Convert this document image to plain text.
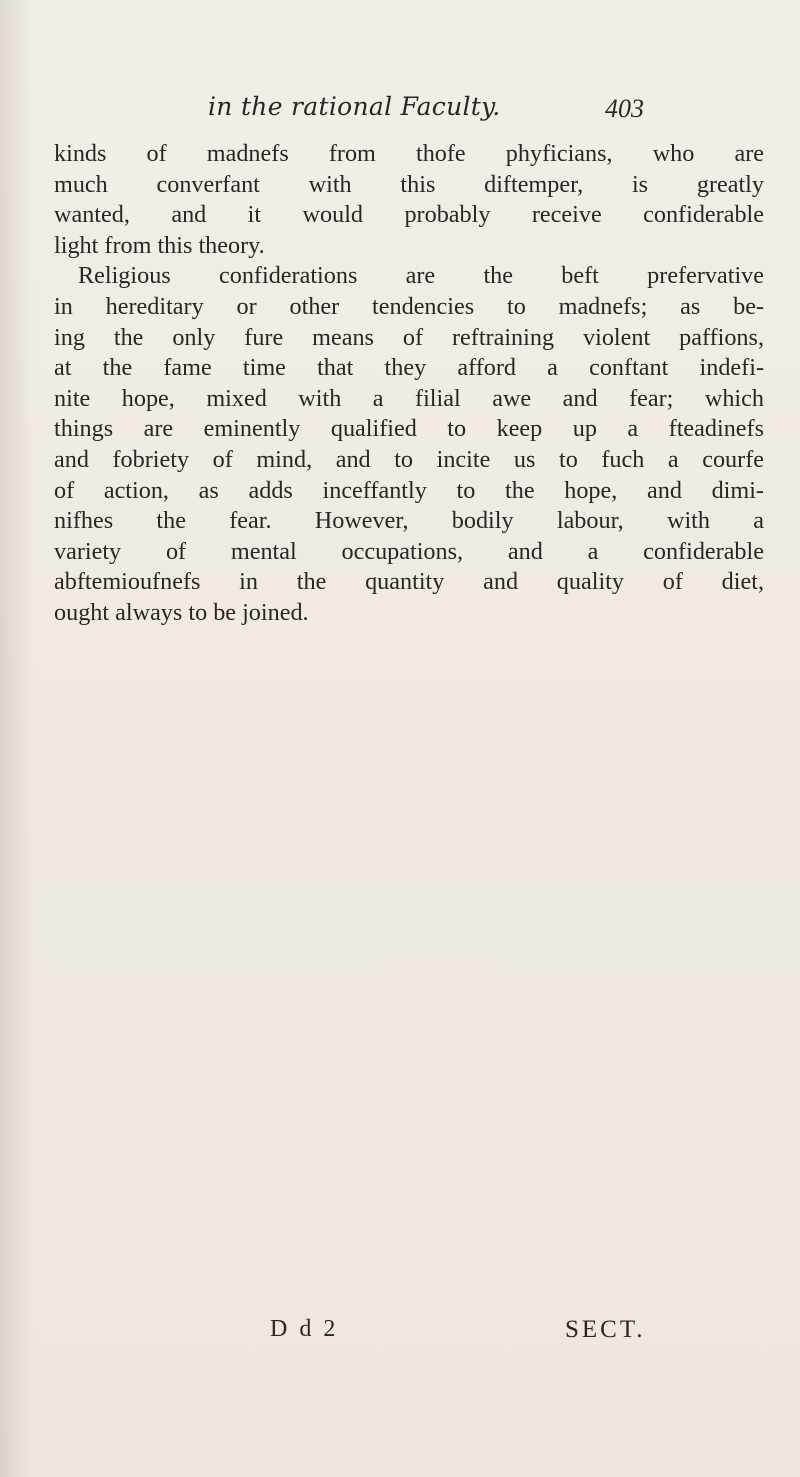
in the rational Faculty.	403
kinds of madnefs from thofe phyficians, who are
much converfant with this diftemper, is greatly
wanted, and it would probably receive confiderable
light from this theory.
Religious confiderations are the beft prefervative
in hereditary or other tendencies to madnefs; as be-
ing the only fure means of reftraining violent paffions,
at the fame time that they afford a conftant indefi-
nite hope, mixed with a filial awe and fear; which
things are eminently qualified to keep up a fteadinefs
and fobriety of mind, and to incite us to fuch a courfe
of action, as adds inceffantly to the hope, and dimi-
nifhes the fear. However, bodily labour, with a
variety of mental occupations, and a confiderable
abftemioufnefs in the quantity and quality of diet,
ought always to be joined.
D d 2	SECT.
